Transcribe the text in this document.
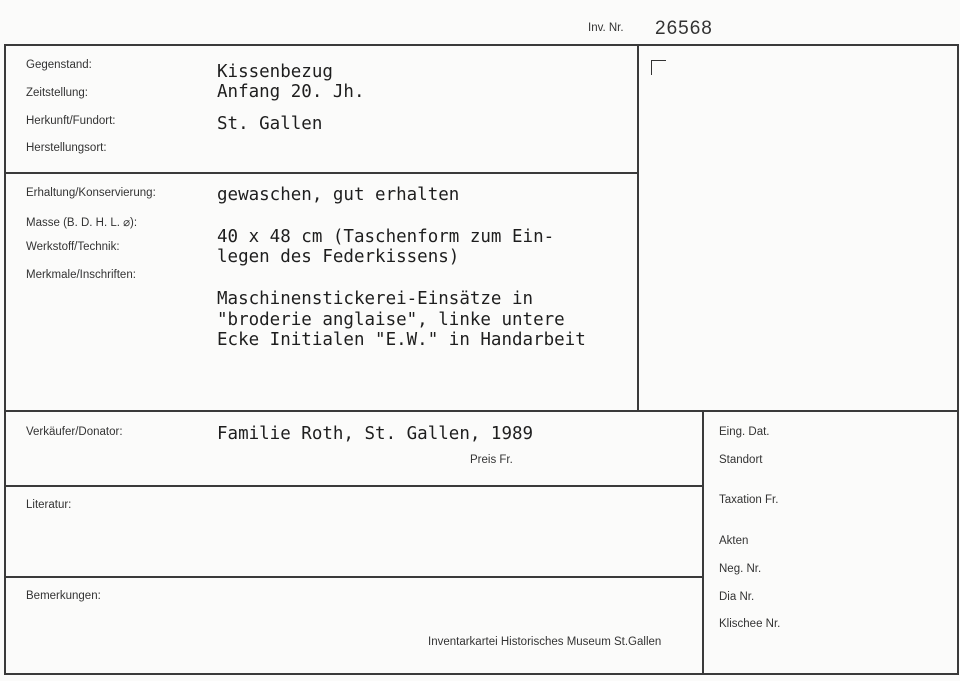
Inv. Nr. 26568
Gegenstand:
Zeitstellung:
Herkunft/Fundort:
Herstellungsort:
Kissenbezug
Anfang 20. Jh.
St. Gallen
Erhaltung/Konservierung:
Masse (B. D. H. L. ⌀):
Werkstoff/Technik:
Merkmale/Inschriften:
gewaschen, gut erhalten
40 x 48 cm (Taschenform zum Ein-
legen des Federkissens)
Maschinenstickerei-Einsätze in
"broderie anglaise", linke untere
Ecke Initialen "E.W." in Handarbeit
Verkäufer/Donator:	Familie Roth, St. Gallen, 1989
Preis Fr.
Literatur:
Bemerkungen:
Inventarkartei Historisches Museum St.Gallen
Eing. Dat.
Standort
Taxation Fr.
Akten
Neg. Nr.
Dia Nr.
Klischee Nr.
